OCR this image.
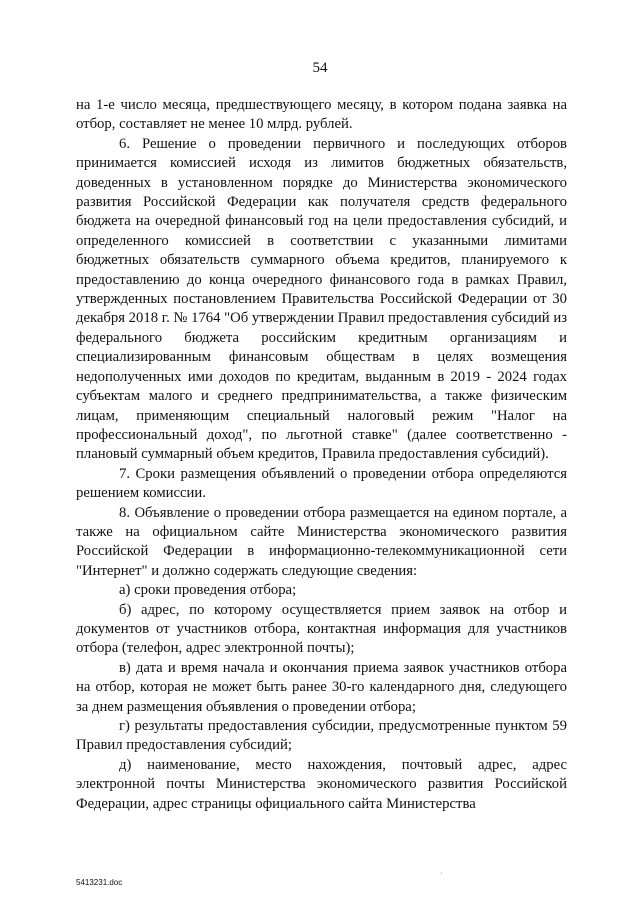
54

на 1-е число месяца, предшествующего месяцу, в котором подана заявка на отбор, составляет не менее 10 млрд. рублей.

6. Решение о проведении первичного и последующих отборов принимается комиссией исходя из лимитов бюджетных обязательств, доведенных в установленном порядке до Министерства экономического развития Российской Федерации как получателя средств федерального бюджета на очередной финансовый год на цели предоставления субсидий, и определенного комиссией в соответствии с указанными лимитами бюджетных обязательств суммарного объема кредитов, планируемого к предоставлению до конца очередного финансового года в рамках Правил, утвержденных постановлением Правительства Российской Федерации от 30 декабря 2018 г. № 1764 "Об утверждении Правил предоставления субсидий из федерального бюджета российским кредитным организациям и специализированным финансовым обществам в целях возмещения недополученных ими доходов по кредитам, выданным в 2019 - 2024 годах субъектам малого и среднего предпринимательства, а также физическим лицам, применяющим специальный налоговый режим "Налог на профессиональный доход", по льготной ставке" (далее соответственно - плановый суммарный объем кредитов, Правила предоставления субсидий).

7. Сроки размещения объявлений о проведении отбора определяются решением комиссии.

8. Объявление о проведении отбора размещается на едином портале, а также на официальном сайте Министерства экономического развития Российской Федерации в информационно-телекоммуникационной сети "Интернет" и должно содержать следующие сведения:

а) сроки проведения отбора;

б) адрес, по которому осуществляется прием заявок на отбор и документов от участников отбора, контактная информация для участников отбора (телефон, адрес электронной почты);

в) дата и время начала и окончания приема заявок участников отбора на отбор, которая не может быть ранее 30-го календарного дня, следующего за днем размещения объявления о проведении отбора;

г) результаты предоставления субсидии, предусмотренные пунктом 59 Правил предоставления субсидий;

д) наименование, место нахождения, почтовый адрес, адрес электронной почты Министерства экономического развития Российской Федерации, адрес страницы официального сайта Министерства

·
5413231.doc
